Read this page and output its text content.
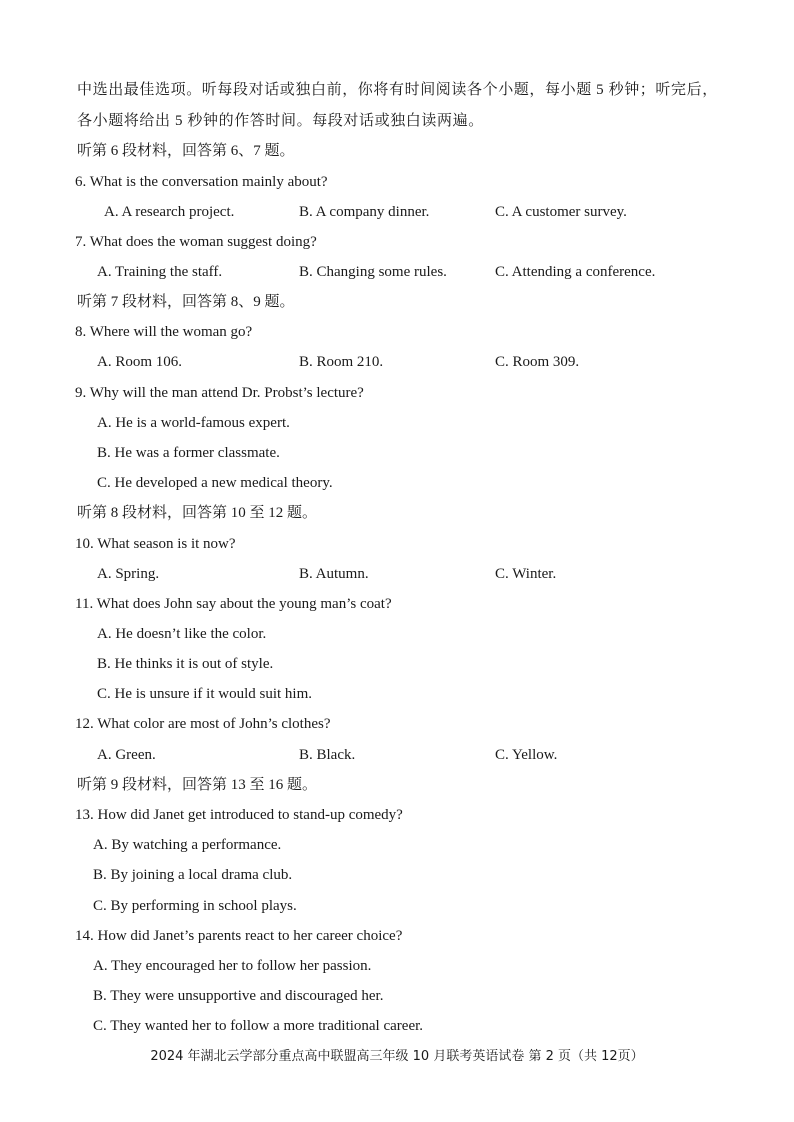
中选出最佳选项。听每段对话或独白前，你将有时间阅读各个小题，每小题 5 秒钟；听完后，
各小题将给出 5 秒钟的作答时间。每段对话或独白读两遍。
听第 6 段材料，回答第 6、7 题。
6. What is the conversation mainly about?
A. A research project.	B. A company dinner.	C. A customer survey.
7. What does the woman suggest doing?
A. Training the staff.	B. Changing some rules.	C. Attending a conference.
听第 7 段材料，回答第 8、9 题。
8. Where will the woman go?
A. Room 106.	B. Room 210.	C. Room 309.
9. Why will the man attend Dr. Probst’s lecture?
A. He is a world-famous expert.
B. He was a former classmate.
C. He developed a new medical theory.
听第 8 段材料，回答第 10 至 12 题。
10. What season is it now?
A. Spring.	B. Autumn.	C. Winter.
11. What does John say about the young man’s coat?
A. He doesn’t like the color.
B. He thinks it is out of style.
C. He is unsure if it would suit him.
12. What color are most of John’s clothes?
A. Green.	B. Black.	C. Yellow.
听第 9 段材料，回答第 13 至 16 题。
13. How did Janet get introduced to stand-up comedy?
A. By watching a performance.
B. By joining a local drama club.
C. By performing in school plays.
14. How did Janet’s parents react to her career choice?
A. They encouraged her to follow her passion.
B. They were unsupportive and discouraged her.
C. They wanted her to follow a more traditional career.
2024 年湖北云学部分重点高中联盟高三年级 10 月联考英语试卷 第 2 页（共 12页）
